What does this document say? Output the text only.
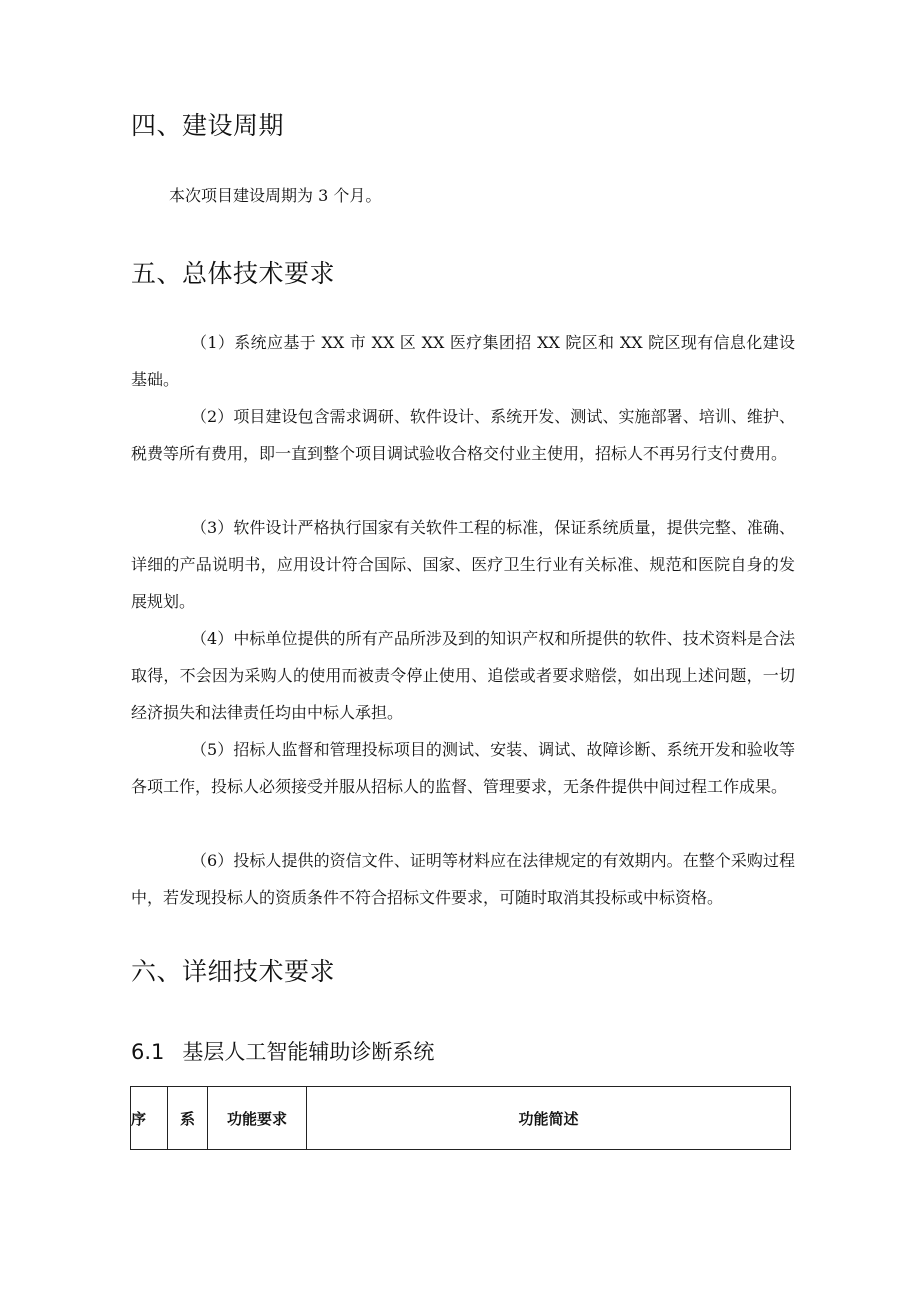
四、建设周期
本次项目建设周期为 3 个月。
五、总体技术要求

（1）系统应基于 XX 市 XX 区 XX 医疗集团招 XX 院区和 XX 院区现有信息化建设基础。

（2）项目建设包含需求调研、软件设计、系统开发、测试、实施部署、培训、维护、税费等所有费用，即一直到整个项目调试验收合格交付业主使用，招标人不再另行支付费用。

（3）软件设计严格执行国家有关软件工程的标准，保证系统质量，提供完整、准确、详细的产品说明书，应用设计符合国际、国家、医疗卫生行业有关标准、规范和医院自身的发展规划。

（4）中标单位提供的所有产品所涉及到的知识产权和所提供的软件、技术资料是合法取得，不会因为采购人的使用而被责令停止使用、追偿或者要求赔偿，如出现上述问题，一切经济损失和法律责任均由中标人承担。

（5）招标人监督和管理投标项目的测试、安装、调试、故障诊断、系统开发和验收等各项工作，投标人必须接受并服从招标人的监督、管理要求，无条件提供中间过程工作成果。

（6）投标人提供的资信文件、证明等材料应在法律规定的有效期内。在整个采购过程中，若发现投标人的资质条件不符合招标文件要求，可随时取消其投标或中标资格。

六、详细技术要求
6.1 基层人工智能辅助诊断系统
序	系	功能要求	功能简述
